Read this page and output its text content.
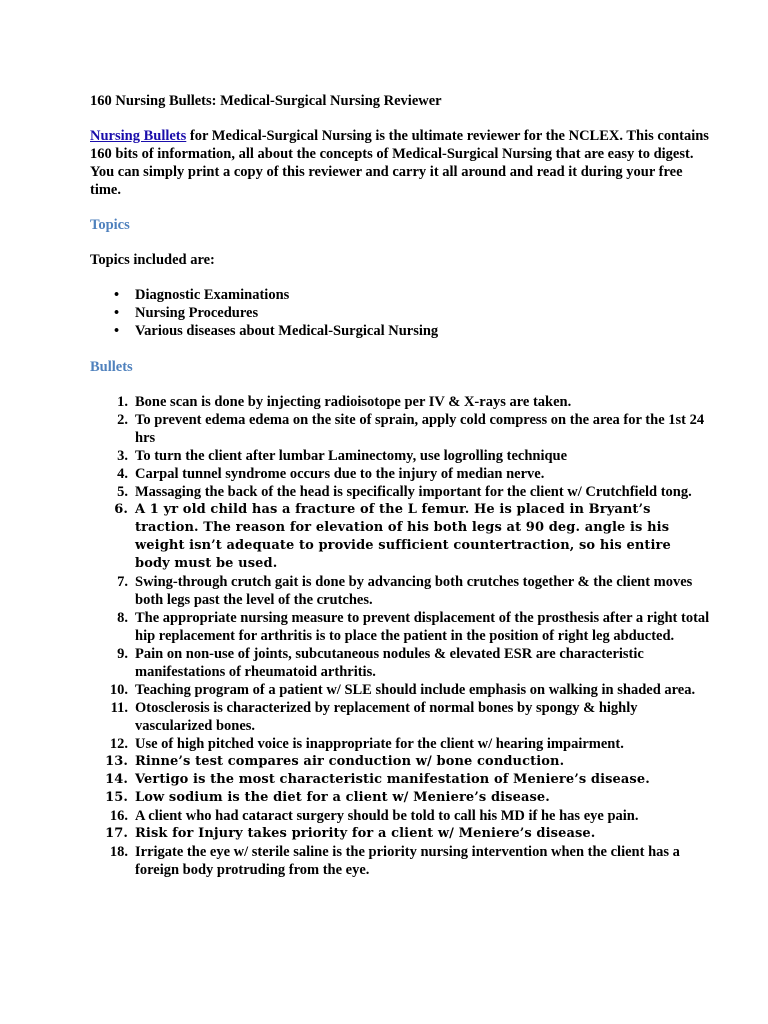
160 Nursing Bullets: Medical-Surgical Nursing Reviewer

Nursing Bullets for Medical-Surgical Nursing is the ultimate reviewer for the NCLEX. This contains 160 bits of information, all about the concepts of Medical-Surgical Nursing that are easy to digest. You can simply print a copy of this reviewer and carry it all around and read it during your free time.

Topics

Topics included are:

• Diagnostic Examinations
• Nursing Procedures
• Various diseases about Medical-Surgical Nursing

Bullets

1. Bone scan is done by injecting radioisotope per IV & X-rays are taken.
2. To prevent edema edema on the site of sprain, apply cold compress on the area for the 1st 24 hrs
3. To turn the client after lumbar Laminectomy, use logrolling technique
4. Carpal tunnel syndrome occurs due to the injury of median nerve.
5. Massaging the back of the head is specifically important for the client w/ Crutchfield tong.
6. A 1 yr old child has a fracture of the L femur. He is placed in Bryant’s traction. The reason for elevation of his both legs at 90 deg. angle is his weight isn’t adequate to provide sufficient countertraction, so his entire body must be used.
7. Swing-through crutch gait is done by advancing both crutches together & the client moves both legs past the level of the crutches.
8. The appropriate nursing measure to prevent displacement of the prosthesis after a right total hip replacement for arthritis is to place the patient in the position of right leg abducted.
9. Pain on non-use of joints, subcutaneous nodules & elevated ESR are characteristic manifestations of rheumatoid arthritis.
10. Teaching program of a patient w/ SLE should include emphasis on walking in shaded area.
11. Otosclerosis is characterized by replacement of normal bones by spongy & highly vascularized bones.
12. Use of high pitched voice is inappropriate for the client w/ hearing impairment.
13. Rinne’s test compares air conduction w/ bone conduction.
14. Vertigo is the most characteristic manifestation of Meniere’s disease.
15. Low sodium is the diet for a client w/ Meniere’s disease.
16. A client who had cataract surgery should be told to call his MD if he has eye pain.
17. Risk for Injury takes priority for a client w/ Meniere’s disease.
18. Irrigate the eye w/ sterile saline is the priority nursing intervention when the client has a foreign body protruding from the eye.
